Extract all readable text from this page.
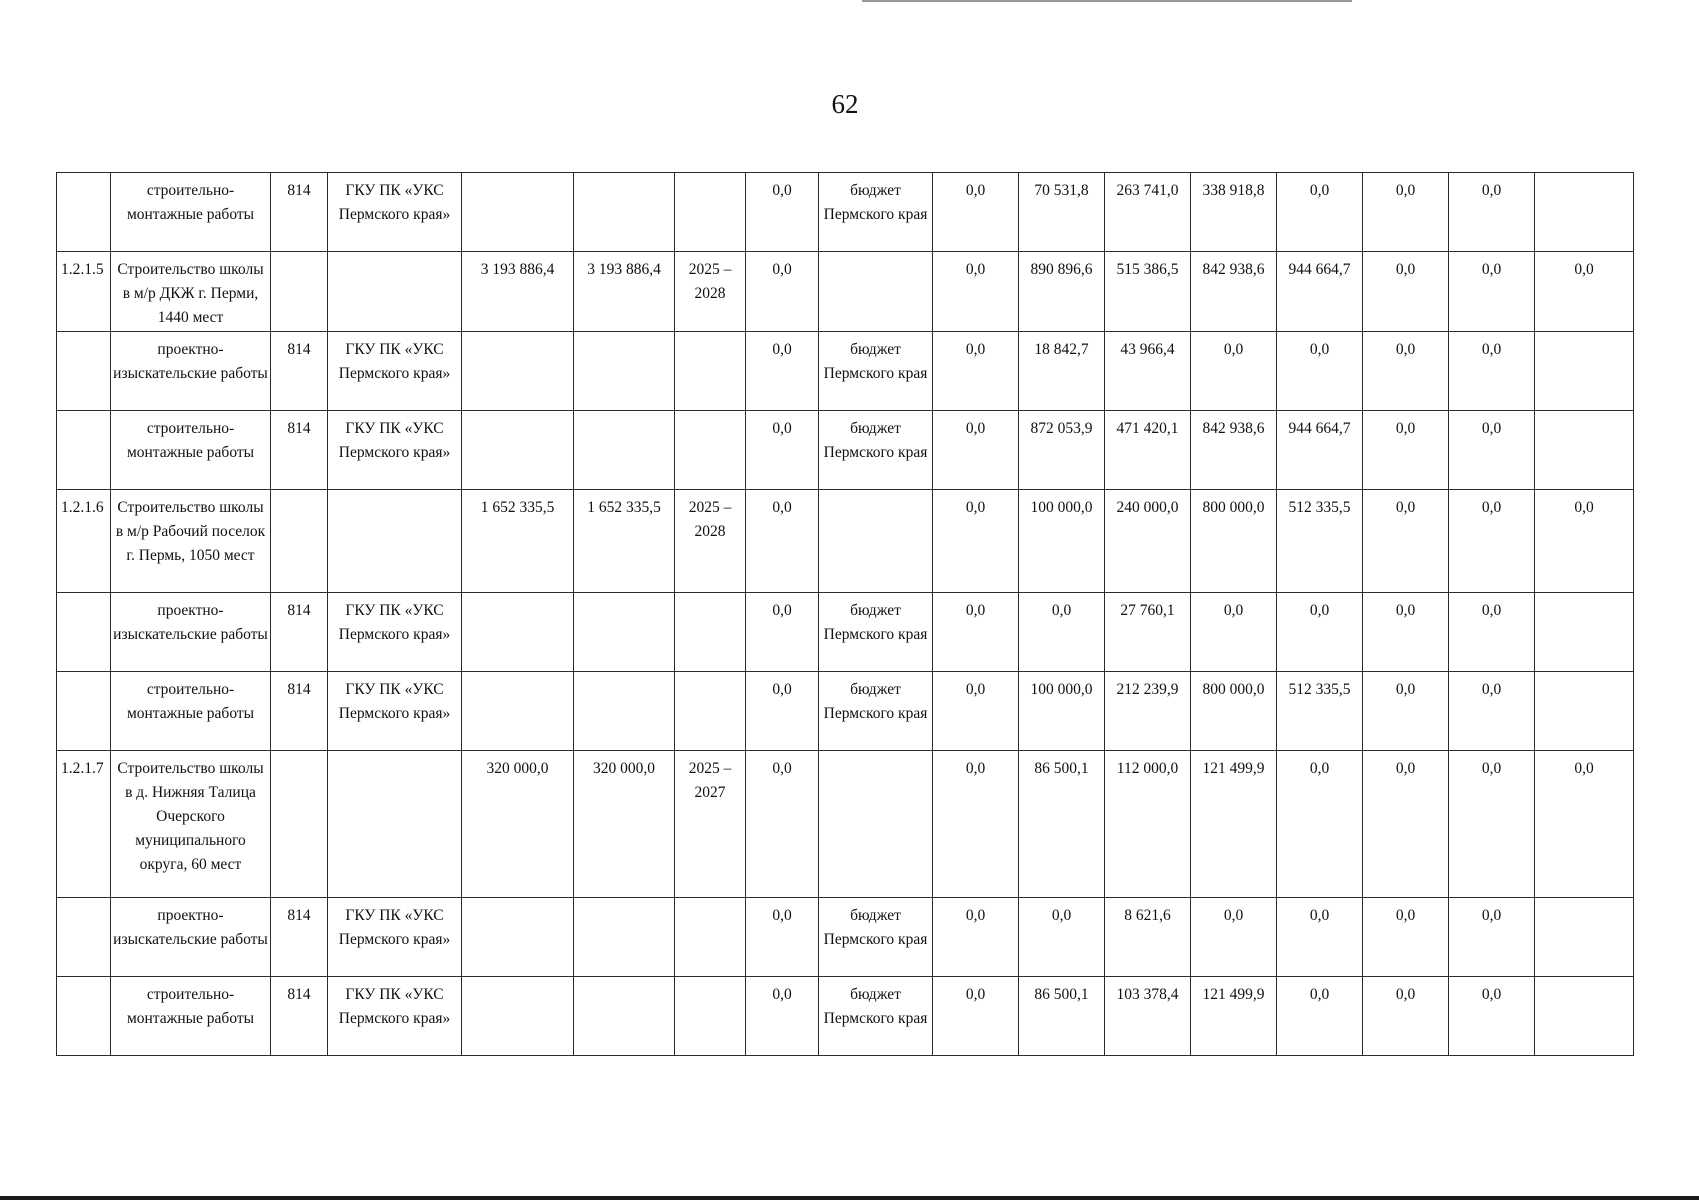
62
	строительно-монтажные работы	814	ГКУ ПК «УКС Пермского края»				0,0	бюджет Пермского края	0,0	70 531,8	263 741,0	338 918,8	0,0	0,0	0,0	
1.2.1.5	Строительство школы в м/р ДКЖ г. Перми, 1440 мест			3 193 886,4	3 193 886,4	2025 – 2028	0,0		0,0	890 896,6	515 386,5	842 938,6	944 664,7	0,0	0,0	0,0
	проектно-изыскательские работы	814	ГКУ ПК «УКС Пермского края»				0,0	бюджет Пермского края	0,0	18 842,7	43 966,4	0,0	0,0	0,0	0,0	
	строительно-монтажные работы	814	ГКУ ПК «УКС Пермского края»				0,0	бюджет Пермского края	0,0	872 053,9	471 420,1	842 938,6	944 664,7	0,0	0,0	
1.2.1.6	Строительство школы в м/р Рабочий поселок г. Пермь, 1050 мест			1 652 335,5	1 652 335,5	2025 – 2028	0,0		0,0	100 000,0	240 000,0	800 000,0	512 335,5	0,0	0,0	0,0
	проектно-изыскательские работы	814	ГКУ ПК «УКС Пермского края»				0,0	бюджет Пермского края	0,0	0,0	27 760,1	0,0	0,0	0,0	0,0	
	строительно-монтажные работы	814	ГКУ ПК «УКС Пермского края»				0,0	бюджет Пермского края	0,0	100 000,0	212 239,9	800 000,0	512 335,5	0,0	0,0	
1.2.1.7	Строительство школы в д. Нижняя Талица Очерского муниципального округа, 60 мест			320 000,0	320 000,0	2025 – 2027	0,0		0,0	86 500,1	112 000,0	121 499,9	0,0	0,0	0,0	0,0
	проектно-изыскательские работы	814	ГКУ ПК «УКС Пермского края»				0,0	бюджет Пермского края	0,0	0,0	8 621,6	0,0	0,0	0,0	0,0	
	строительно-монтажные работы	814	ГКУ ПК «УКС Пермского края»				0,0	бюджет Пермского края	0,0	86 500,1	103 378,4	121 499,9	0,0	0,0	0,0	
